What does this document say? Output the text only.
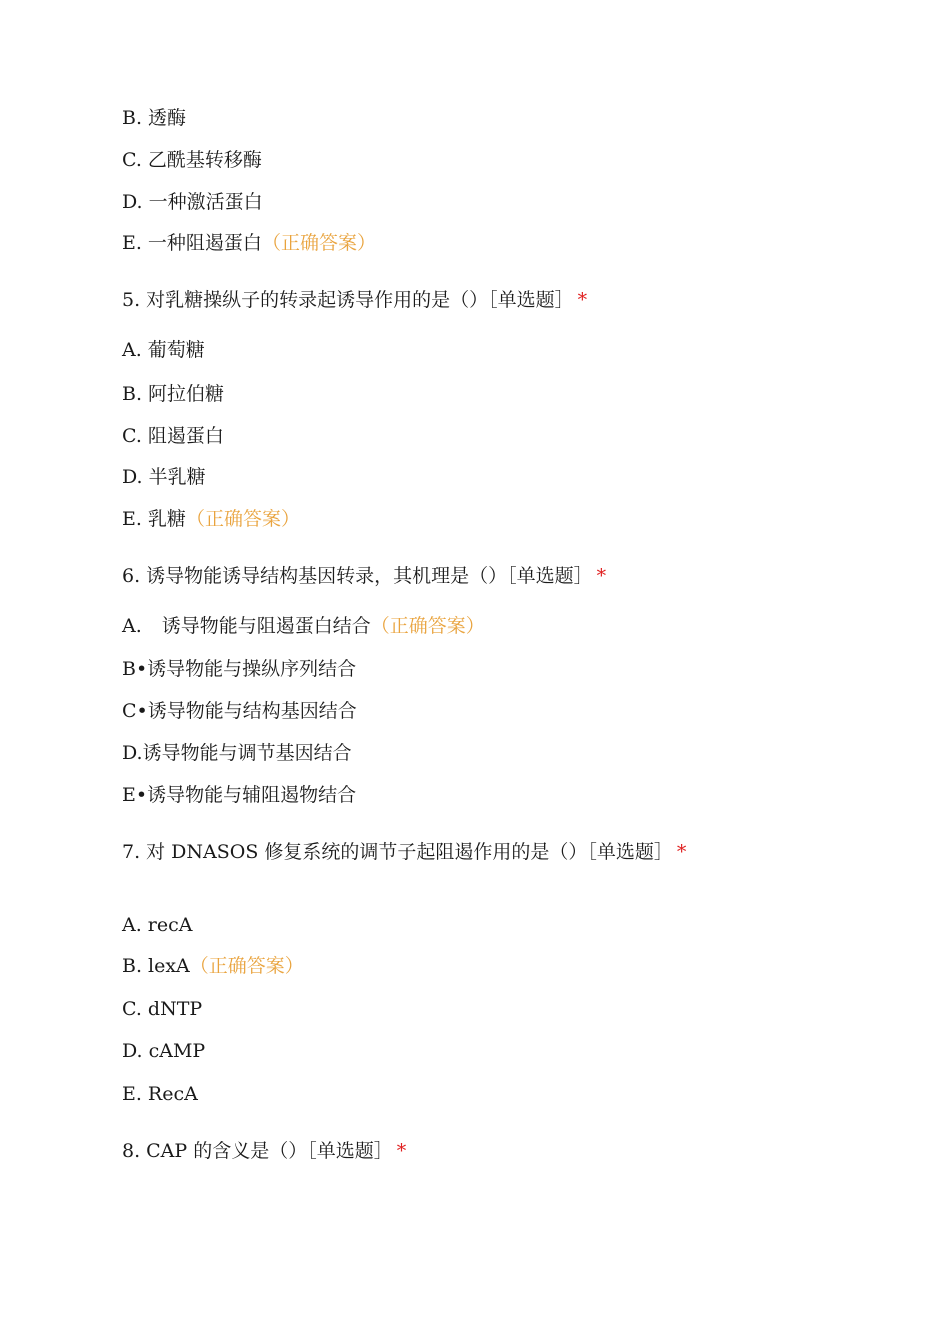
B. 透酶
C. 乙酰基转移酶
D. 一种激活蛋白
E. 一种阻遏蛋白（正确答案）
5. 对乳糖操纵子的转录起诱导作用的是（）［单选题］ *
A. 葡萄糖
B. 阿拉伯糖
C. 阻遏蛋白
D. 半乳糖
E. 乳糖（正确答案）
6. 诱导物能诱导结构基因转录，其机理是（）［单选题］ *
A. 诱导物能与阻遏蛋白结合（正确答案）
B•诱导物能与操纵序列结合
C•诱导物能与结构基因结合
D.诱导物能与调节基因结合
E•诱导物能与辅阻遏物结合
7. 对 DNASOS 修复系统的调节子起阻遏作用的是（）［单选题］ *
A. recA
B. lexA（正确答案）
C. dNTP
D. cAMP
E. RecA
8. CAP 的含义是（）［单选题］ *
